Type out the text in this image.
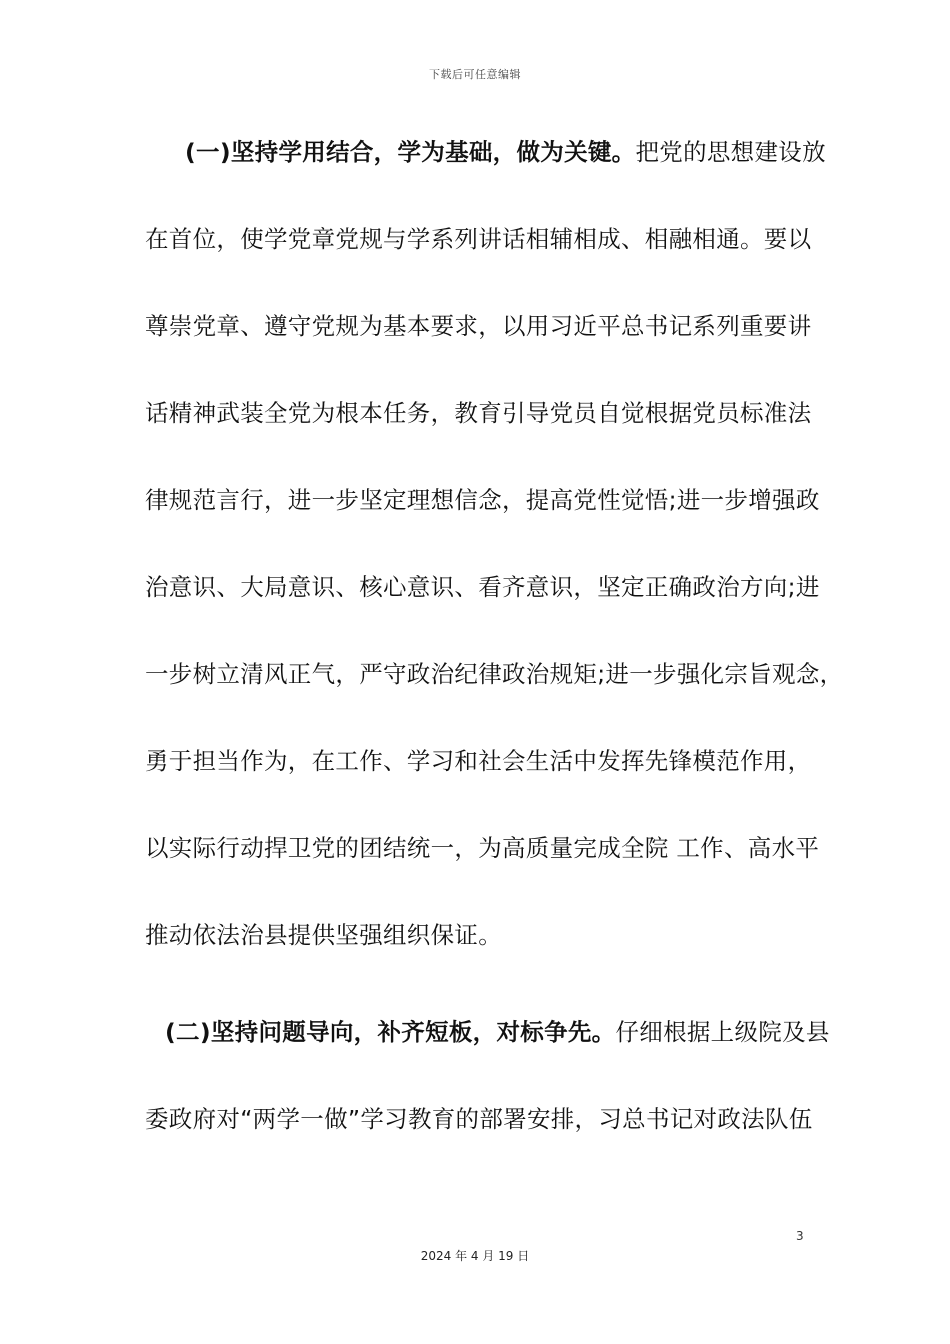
下载后可任意编辑
(一)坚持学用结合，学为基础，做为关键。把党的思想建设放
在首位，使学党章党规与学系列讲话相辅相成、相融相通。要以
尊崇党章、遵守党规为基本要求，以用习近平总书记系列重要讲
话精神武装全党为根本任务，教育引导党员自觉根据党员标准法
律规范言行，进一步坚定理想信念，提高党性觉悟;进一步增强政
治意识、大局意识、核心意识、看齐意识，坚定正确政治方向;进
一步树立清风正气，严守政治纪律政治规矩;进一步强化宗旨观念，
勇于担当作为，在工作、学习和社会生活中发挥先锋模范作用，
以实际行动捍卫党的团结统一，为高质量完成全院 工作、高水平
推动依法治县提供坚强组织保证。
(二)坚持问题导向，补齐短板，对标争先。仔细根据上级院及县
委政府对“两学一做”学习教育的部署安排，习总书记对政法队伍
3
2024 年 4 月 19 日
